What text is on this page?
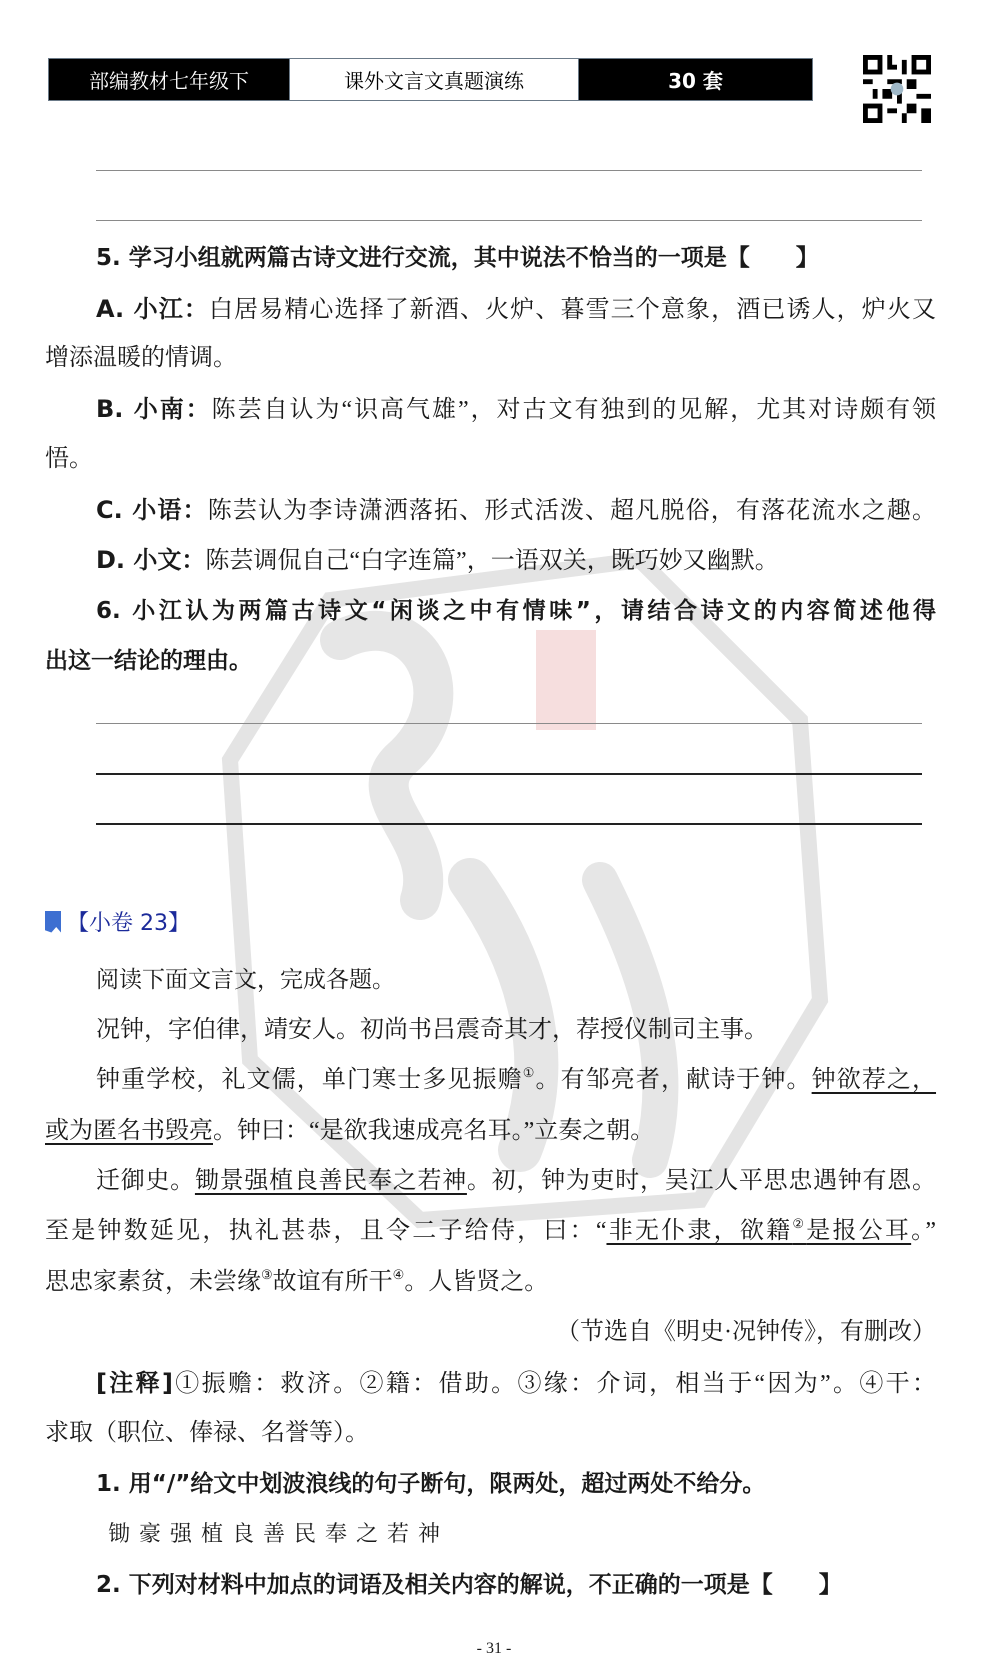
部编教材七年级下	课外文言文真题演练	30 套
5. 学习小组就两篇古诗文进行交流，其中说法不恰当的一项是【　　】
A. 小江：白居易精心选择了新酒、火炉、暮雪三个意象，酒已诱人，炉火又
增添温暖的情调。
B. 小南：陈芸自认为“识高气雄”，对古文有独到的见解，尤其对诗颇有领
悟。
C. 小语：陈芸认为李诗潇洒落拓、形式活泼、超凡脱俗，有落花流水之趣。
D. 小文：陈芸调侃自己“白字连篇”，一语双关，既巧妙又幽默。
6. 小江认为两篇古诗文“闲谈之中有情味”，请结合诗文的内容简述他得
出这一结论的理由。
【小卷 23】
阅读下面文言文，完成各题。
况钟，字伯律，靖安人。初尚书吕震奇其才，荐授仪制司主事。
钟重学校，礼文儒，单门寒士多见振赡①。有邹亮者，献诗于钟。钟欲荐之，
或为匿名书毁亮。钟曰：“是欲我速成亮名耳。”立奏之朝。
迁御史。锄景强植良善民奉之若神。初，钟为吏时，吴江人平思忠遇钟有恩。
至是钟数延见，执礼甚恭，且令二子给侍，曰：“非无仆隶，欲籍②是报公耳。”
思忠家素贫，未尝缘③故谊有所干④。人皆贤之。
（节选自《明史·况钟传》，有删改）
[注释]①振赡：救济。②籍：借助。③缘：介词，相当于“因为”。④干：
求取（职位、俸禄、名誉等）。
1. 用“/”给文中划波浪线的句子断句，限两处，超过两处不给分。
锄豪强植良善民奉之若神
2. 下列对材料中加点的词语及相关内容的解说，不正确的一项是【　　】
- 31 -
